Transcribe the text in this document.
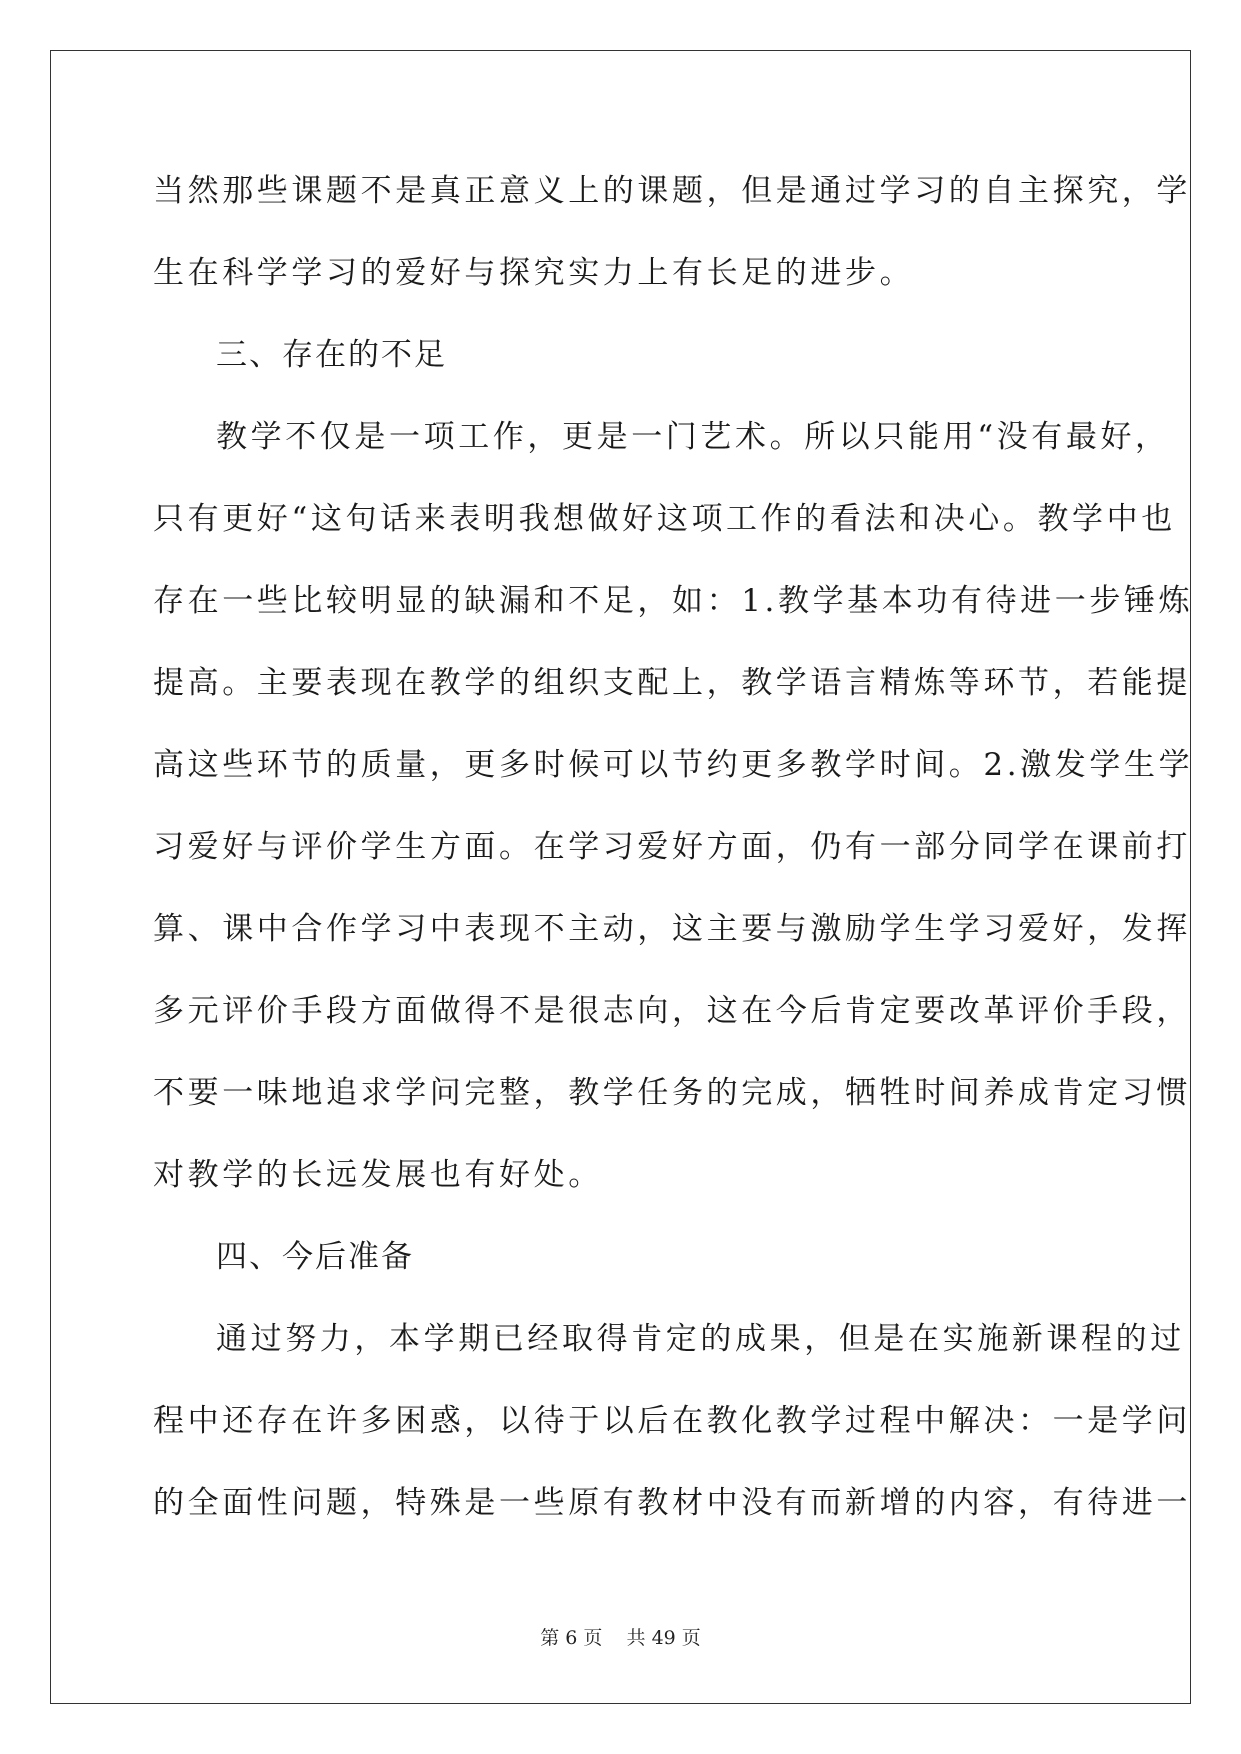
当然那些课题不是真正意义上的课题，但是通过学习的自主探究，学
生在科学学习的爱好与探究实力上有长足的进步。
三、存在的不足
教学不仅是一项工作，更是一门艺术。所以只能用“没有最好，
只有更好“这句话来表明我想做好这项工作的看法和决心。教学中也
存在一些比较明显的缺漏和不足，如：1.教学基本功有待进一步锤炼
提高。主要表现在教学的组织支配上，教学语言精炼等环节，若能提
高这些环节的质量，更多时候可以节约更多教学时间。2.激发学生学
习爱好与评价学生方面。在学习爱好方面，仍有一部分同学在课前打
算、课中合作学习中表现不主动，这主要与激励学生学习爱好，发挥
多元评价手段方面做得不是很志向，这在今后肯定要改革评价手段，
不要一味地追求学问完整，教学任务的完成，牺牲时间养成肯定习惯
对教学的长远发展也有好处。
四、今后准备
通过努力，本学期已经取得肯定的成果，但是在实施新课程的过
程中还存在许多困惑，以待于以后在教化教学过程中解决：一是学问
的全面性问题，特殊是一些原有教材中没有而新增的内容，有待进一
第 6 页 共 49 页
